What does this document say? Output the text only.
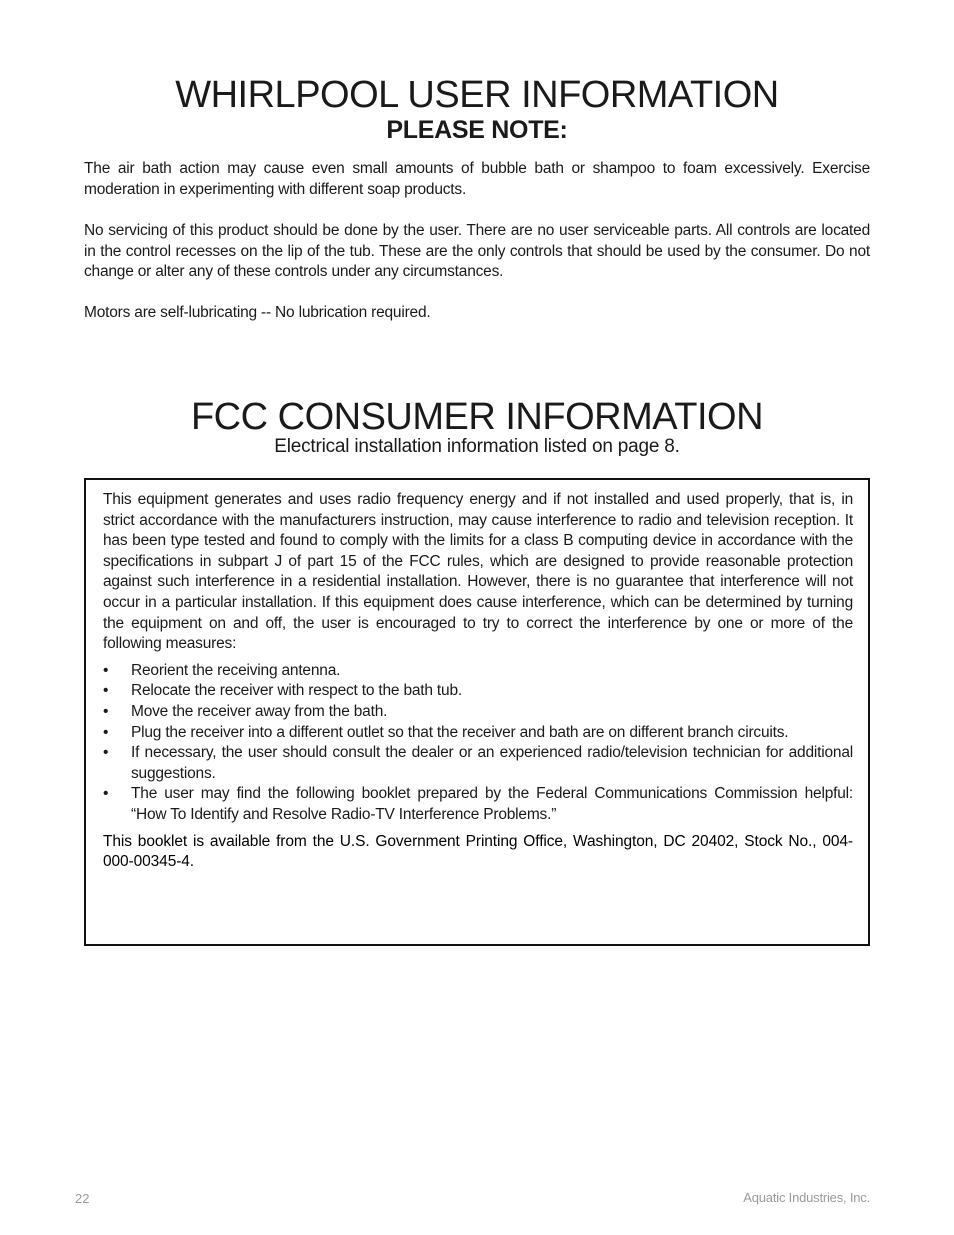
WHIRLPOOL USER INFORMATION
PLEASE NOTE:

The air bath action may cause even small amounts of bubble bath or shampoo to foam excessively. Exercise moderation in experimenting with different soap products.

No servicing of this product should be done by the user. There are no user serviceable parts. All controls are located in the control recesses on the lip of the tub. These are the only controls that should be used by the consumer. Do not change or alter any of these controls under any circumstances.

Motors are self-lubricating -- No lubrication required.

FCC CONSUMER INFORMATION

Electrical installation information listed on page 8.

This equipment generates and uses radio frequency energy and if not installed and used properly, that is, in strict accordance with the manufacturers instruction, may cause interference to radio and television reception. It has been type tested and found to comply with the limits for a class B computing device in accordance with the specifications in subpart J of part 15 of the FCC rules, which are designed to provide reasonable protection against such interference in a residential installation. However, there is no guarantee that interference will not occur in a particular installation. If this equipment does cause interference, which can be determined by turning the equipment on and off, the user is encouraged to try to correct the interference by one or more of the following measures:

•	Reorient the receiving antenna.
•	Relocate the receiver with respect to the bath tub.
•	Move the receiver away from the bath.
•	Plug the receiver into a different outlet so that the receiver and bath are on different branch circuits.
•	If necessary, the user should consult the dealer or an experienced radio/television technician for additional suggestions.
•	The user may find the following booklet prepared by the Federal Communications Commission helpful: “How To Identify and Resolve Radio-TV Interference Problems.”

This booklet is available from the U.S. Government Printing Office, Washington, DC 20402, Stock No., 004-000-00345-4.

22	Aquatic Industries, Inc.
